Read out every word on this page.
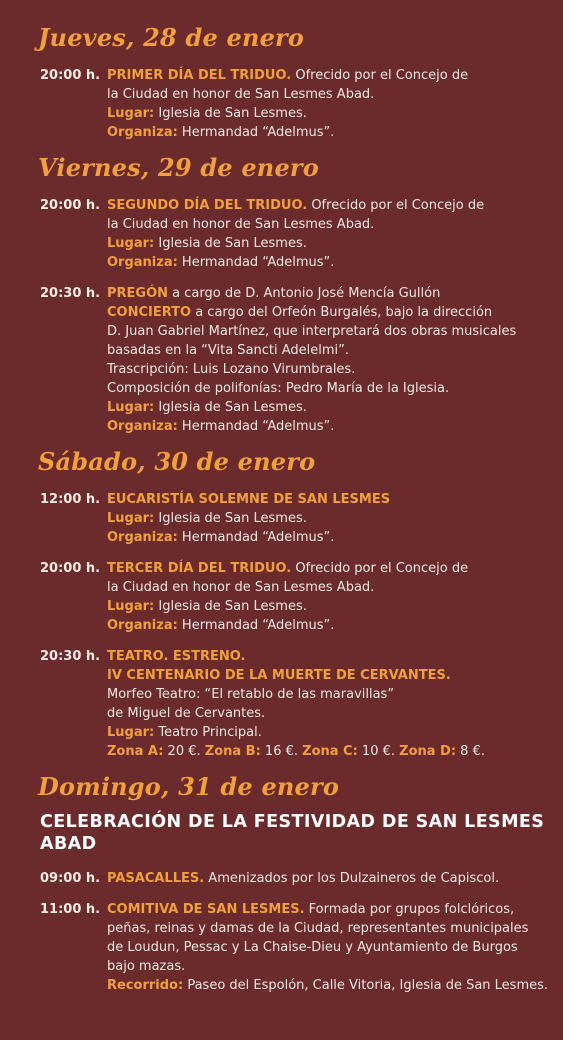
Jueves, 28 de enero
20:00 h. PRIMER DÍA DEL TRIDUO. Ofrecido por el Concejo de
la Ciudad en honor de San Lesmes Abad.
Lugar: Iglesia de San Lesmes.
Organiza: Hermandad “Adelmus”.
Viernes, 29 de enero
20:00 h. SEGUNDO DÍA DEL TRIDUO. Ofrecido por el Concejo de
la Ciudad en honor de San Lesmes Abad.
Lugar: Iglesia de San Lesmes.
Organiza: Hermandad “Adelmus”.
20:30 h. PREGÓN a cargo de D. Antonio José Mencía Gullón
CONCIERTO a cargo del Orfeón Burgalés, bajo la dirección
D. Juan Gabriel Martínez, que interpretará dos obras musicales
basadas en la “Vita Sancti Adelelmi”.
Trascripción: Luis Lozano Virumbrales.
Composición de polifonías: Pedro María de la Iglesia.
Lugar: Iglesia de San Lesmes.
Organiza: Hermandad “Adelmus”.
Sábado, 30 de enero
12:00 h. EUCARISTÍA SOLEMNE DE SAN LESMES
Lugar: Iglesia de San Lesmes.
Organiza: Hermandad “Adelmus”.
20:00 h. TERCER DÍA DEL TRIDUO. Ofrecido por el Concejo de
la Ciudad en honor de San Lesmes Abad.
Lugar: Iglesia de San Lesmes.
Organiza: Hermandad “Adelmus”.
20:30 h. TEATRO. ESTRENO.
IV CENTENARIO DE LA MUERTE DE CERVANTES.
Morfeo Teatro: “El retablo de las maravillas”
de Miguel de Cervantes.
Lugar: Teatro Principal.
Zona A: 20 €. Zona B: 16 €. Zona C: 10 €. Zona D: 8 €.
Domingo, 31 de enero
CELEBRACIÓN DE LA FESTIVIDAD DE SAN LESMES ABAD
09:00 h. PASACALLES. Amenizados por los Dulzaineros de Capiscol.
11:00 h. COMITIVA DE SAN LESMES. Formada por grupos folclóricos,
peñas, reinas y damas de la Ciudad, representantes municipales
de Loudun, Pessac y La Chaise-Dieu y Ayuntamiento de Burgos
bajo mazas.
Recorrido: Paseo del Espolón, Calle Vitoria, Iglesia de San Lesmes.
